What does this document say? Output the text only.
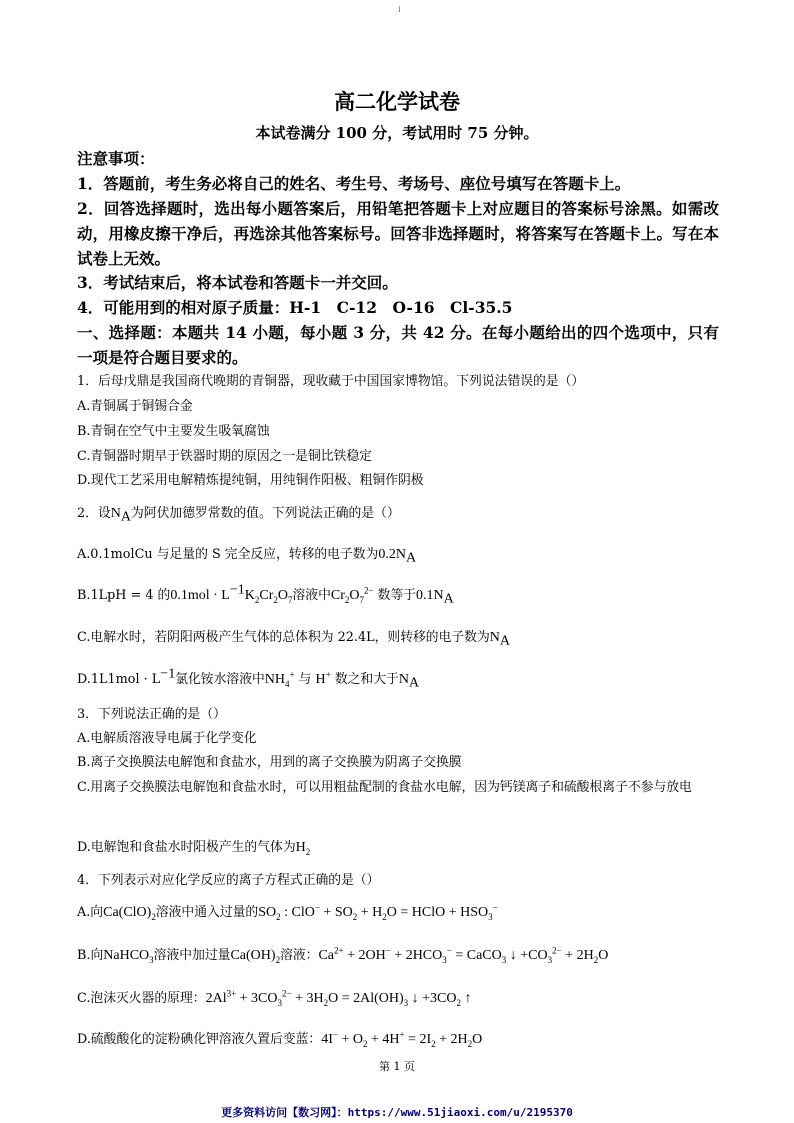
I
高二化学试卷
本试卷满分 100 分，考试用时 75 分钟。
注意事项：
1．答题前，考生务必将自己的姓名、考生号、考场号、座位号填写在答题卡上。
2．回答选择题时，选出每小题答案后，用铅笔把答题卡上对应题目的答案标号涂黑。如需改动，用橡皮擦干净后，再选涂其他答案标号。回答非选择题时，将答案写在答题卡上。写在本试卷上无效。
3．考试结束后，将本试卷和答题卡一并交回。
4．可能用到的相对原子质量：H-1　C-12　O-16　Cl-35.5
一、选择题：本题共 14 小题，每小题 3 分，共 42 分。在每小题给出的四个选项中，只有一项是符合题目要求的。
1．后母戊鼎是我国商代晚期的青铜器，现收藏于中国国家博物馆。下列说法错误的是（）
A.青铜属于铜锡合金
B.青铜在空气中主要发生吸氧腐蚀
C.青铜器时期早于铁器时期的原因之一是铜比铁稳定
D.现代工艺采用电解精炼提纯铜，用纯铜作阳极、粗铜作阴极
2．设$N_A$为阿伏加德罗常数的值。下列说法正确的是（）
A.0.1molCu 与足量的 S 完全反应，转移的电子数为$0.2N_A$
B.1LpH = 4 的$0.1mol \cdot L^{-1}K_2Cr_2O_7$溶液中$Cr_2O_7^{2-}$ 数等于$0.1N_A$
C.电解水时，若阴阳两极产生气体的总体积为 22.4L，则转移的电子数为$N_A$
$D.1L1mol \cdot L^{-1}$氯化铵水溶液中$NH_4^+$ 与 H+ 数之和大于$N_A$
3．下列说法正确的是（）
A.电解质溶液导电属于化学变化
B.离子交换膜法电解饱和食盐水，用到的离子交换膜为阴离子交换膜
C.用离子交换膜法电解饱和食盐水时，可以用粗盐配制的食盐水电解，因为钙镁离子和硫酸根离子不参与放电
D.电解饱和食盐水时阳极产生的气体为$H_2$
4．下列表示对应化学反应的离子方程式正确的是（）
A.向$Ca(ClO)_2$溶液中通入过量的$SO_2$ : $ClO^- + SO_2 + H_2O$ = HClO + $HSO_3^-$
B.向NaHCO$_3$溶液中加过量$Ca(OH)_2$溶液：$Ca^{2+} + 2OH^- + 2HCO_3^-$ = CaCO$_3$ ↓ $+CO_3^{2-} + 2H_2O$
C.泡沫灭火器的原理：$2Al^{3+} + 3CO_3^{2-} + 3H_2O = 2Al(OH)_3$ ↓ $+3CO_2$ ↑
D.硫酸酸化的淀粉碘化钾溶液久置后变蓝：$4I^- + O_2 + 4H^+ = 2I_2 + 2H_2O$
第 1 页
更多资料访问【数习网】：https://www.51jiaoxi.com/u/2195370
